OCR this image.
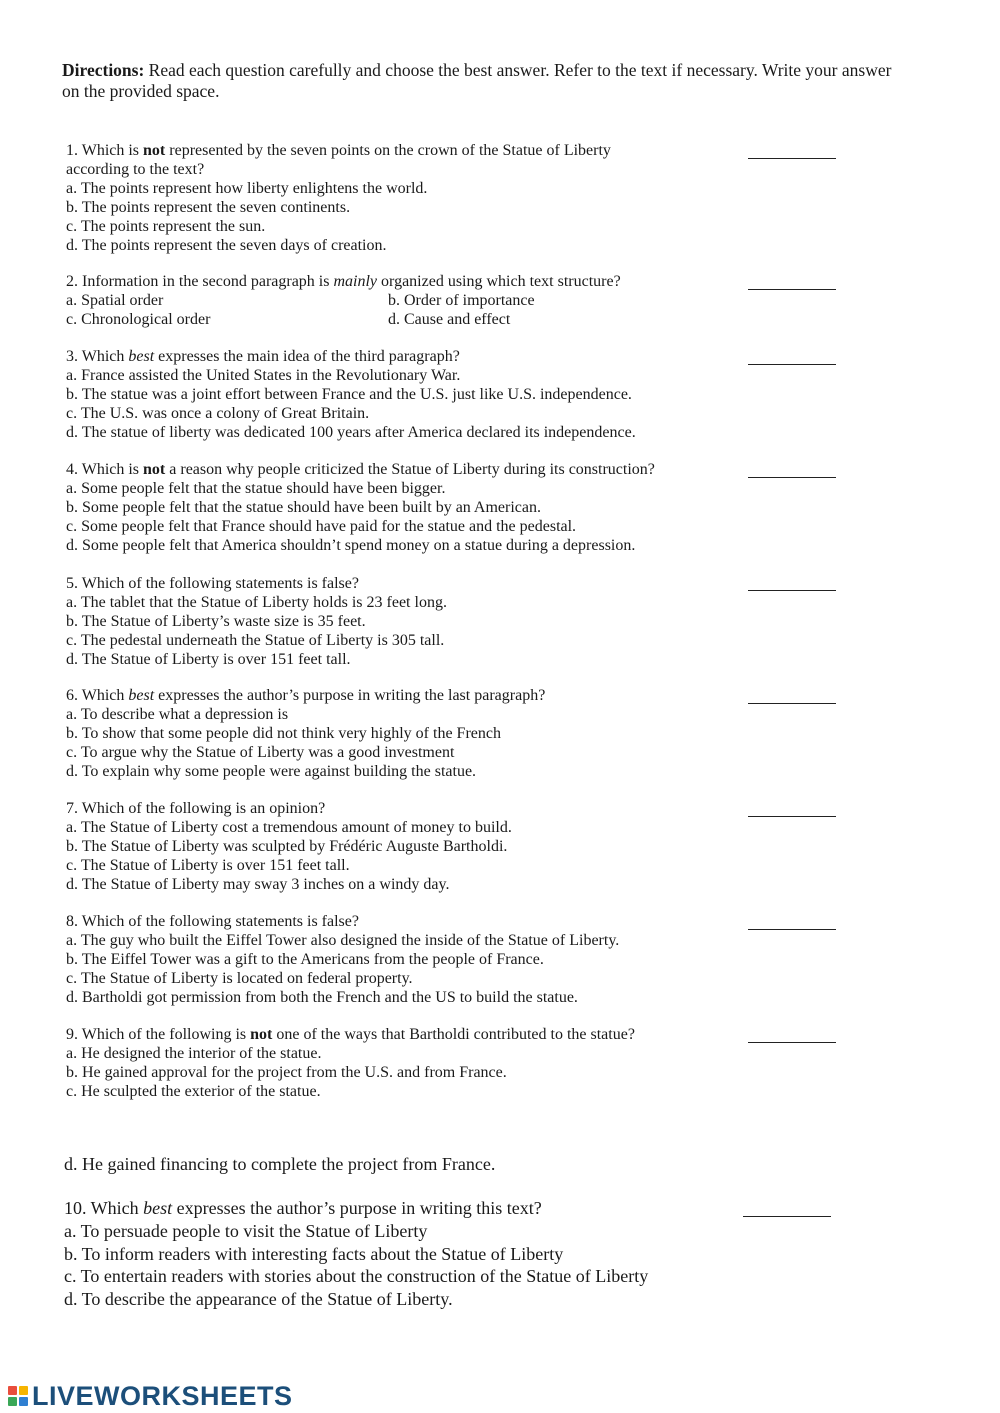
Directions: Read each question carefully and choose the best answer. Refer to the text if necessary. Write your answer on the provided space.
1. Which is not represented by the seven points on the crown of the Statue of Liberty
according to the text?
a. The points represent how liberty enlightens the world.
b. The points represent the seven continents.
c. The points represent the sun.
d. The points represent the seven days of creation.
2. Information in the second paragraph is mainly organized using which text structure?
a. Spatial order	b. Order of importance
c. Chronological order	d. Cause and effect
3. Which best expresses the main idea of the third paragraph?
a. France assisted the United States in the Revolutionary War.
b. The statue was a joint effort between France and the U.S. just like U.S. independence.
c. The U.S. was once a colony of Great Britain.
d. The statue of liberty was dedicated 100 years after America declared its independence.
4. Which is not a reason why people criticized the Statue of Liberty during its construction?
a. Some people felt that the statue should have been bigger.
b. Some people felt that the statue should have been built by an American.
c. Some people felt that France should have paid for the statue and the pedestal.
d. Some people felt that America shouldn’t spend money on a statue during a depression.
5. Which of the following statements is false?
a. The tablet that the Statue of Liberty holds is 23 feet long.
b. The Statue of Liberty’s waste size is 35 feet.
c. The pedestal underneath the Statue of Liberty is 305 tall.
d. The Statue of Liberty is over 151 feet tall.
6. Which best expresses the author’s purpose in writing the last paragraph?
a. To describe what a depression is
b. To show that some people did not think very highly of the French
c. To argue why the Statue of Liberty was a good investment
d. To explain why some people were against building the statue.
7. Which of the following is an opinion?
a. The Statue of Liberty cost a tremendous amount of money to build.
b. The Statue of Liberty was sculpted by Frédéric Auguste Bartholdi.
c. The Statue of Liberty is over 151 feet tall.
d. The Statue of Liberty may sway 3 inches on a windy day.
8. Which of the following statements is false?
a. The guy who built the Eiffel Tower also designed the inside of the Statue of Liberty.
b. The Eiffel Tower was a gift to the Americans from the people of France.
c. The Statue of Liberty is located on federal property.
d. Bartholdi got permission from both the French and the US to build the statue.
9. Which of the following is not one of the ways that Bartholdi contributed to the statue?
a. He designed the interior of the statue.
b. He gained approval for the project from the U.S. and from France.
c. He sculpted the exterior of the statue.
d. He gained financing to complete the project from France.
10. Which best expresses the author’s purpose in writing this text?
a. To persuade people to visit the Statue of Liberty
b. To inform readers with interesting facts about the Statue of Liberty
c. To entertain readers with stories about the construction of the Statue of Liberty
d. To describe the appearance of the Statue of Liberty.
LIVEWORKSHEETS
